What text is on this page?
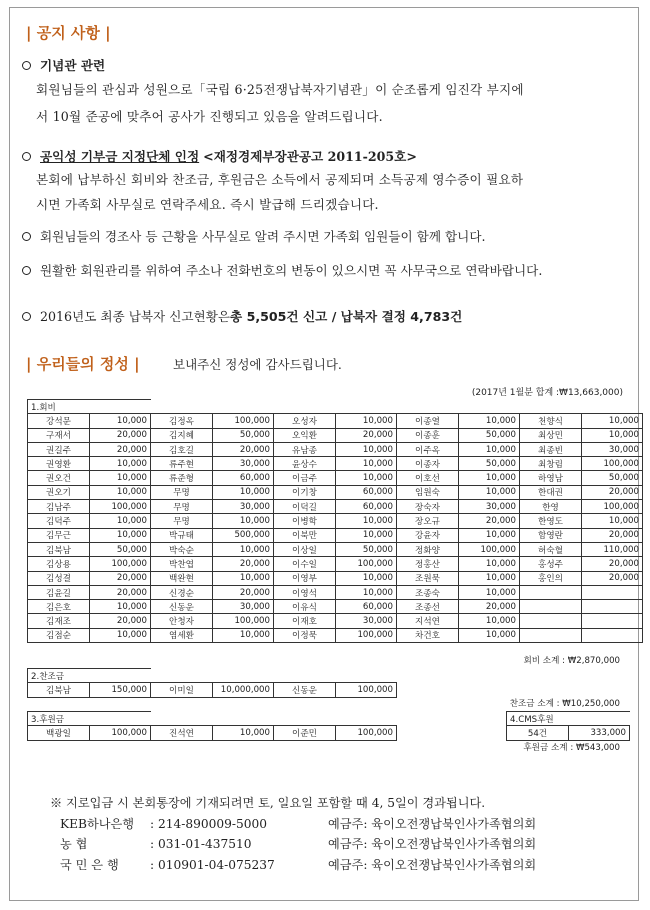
| 공지 사항 |
기념관 관련
회원님들의 관심과 성원으로「국립 6·25전쟁납북자기념관」이 순조롭게 임진각 부지에
서 10월 준공에 맞추어 공사가 진행되고 있음을 알려드립니다.
공익성 기부금 지정단체 인정
<재정경제부장관공고 2011-205호>
본회에 납부하신 회비와 찬조금, 후원금은 소득에서 공제되며 소득공제 영수증이 필요하
시면 가족회 사무실로 연락주세요. 즉시 발급해 드리겠습니다.
회원님들의 경조사 등 근황을 사무실로 알려 주시면 가족회 임원들이 함께 합니다.
원활한 회원관리를 위하여 주소나 전화번호의 변동이 있으시면 꼭 사무국으로 연락바랍니다.
2016년도 최종 납북자 신고현황은 총 5,505건 신고 / 납북자 결정 4,783건
| 우리들의 정성 |	보내주신 정성에 감사드립니다.
(2017년 1월분 합계 :₩13,663,000)
1.회비									
강석문	10,000	김정옥	100,000	오성자	10,000	이종열	10,000	천향식	10,000
구재서	20,000	김지혜	50,000	오익환	20,000	이종훈	50,000	최상민	10,000
권길주	20,000	김호길	20,000	유남종	10,000	이주옥	10,000	최종빈	30,000
권영환	10,000	류주현	30,000	윤상수	10,000	이종자	50,000	최창림	100,000
권오건	10,000	류준형	60,000	이금주	10,000	이호선	10,000	하영남	50,000
권오기	10,000	무명	10,000	이기창	60,000	임원숙	10,000	한대권	20,000
김남주	100,000	무명	30,000	이덕길	60,000	장숙자	30,000	한영	100,000
김덕주	10,000	무명	10,000	이병학	10,000	장오규	20,000	한영도	10,000
김무근	10,000	박규태	500,000	이북만	10,000	강윤자	10,000	함영란	20,000
김북남	50,000	박숙순	10,000	이상일	50,000	정화양	100,000	허숙혈	110,000
김상용	100,000	박찬엽	20,000	이수일	100,000	정홍산	10,000	홍성주	20,000
김성결	20,000	백완현	10,000	이영부	10,000	조원묵	10,000	홍인의	20,000
김윤길	20,000	신경순	20,000	이영석	10,000	조종숙	10,000		
김은호	10,000	신동운	30,000	이유식	60,000	조종선	20,000		
김재조	20,000	안청자	100,000	이재호	30,000	지석연	10,000		
김점순	10,000	염세환	10,000	이정묵	100,000	차건호	10,000		
회비 소계 : ₩2,870,000
2.찬조금					
김북남	150,000	이미일	10,000,000	신동운	100,000
찬조금 소계 : ₩10,250,000
3.후원금					
백광일	100,000	진석연	10,000	이준민	100,000
4.CMS후원
54건	333,000
후원금 소계 : ₩543,000
※ 지로입금 시 본회통장에 기재되려면 토, 일요일 포함할 때 4, 5일이 경과됩니다.
KEB하나은행	: 214-890009-5000	예금주: 육이오전쟁납북인사가족협의회
농 협	: 031-01-437510	예금주: 육이오전쟁납북인사가족협의회
국 민 은 행	: 010901-04-075237	예금주: 육이오전쟁납북인사가족협의회
